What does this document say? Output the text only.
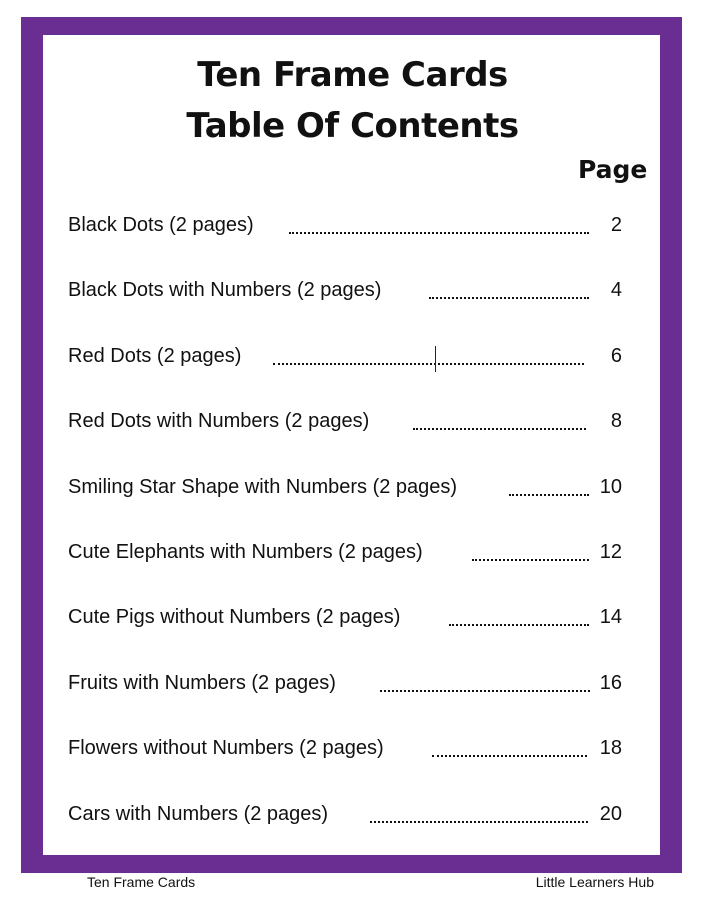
Ten Frame Cards
Table Of Contents
Page
Black Dots (2 pages)	2
Black Dots with Numbers (2 pages)	4
Red Dots (2 pages)	6
Red Dots with Numbers (2 pages)	8
Smiling Star Shape with Numbers (2 pages)	10
Cute Elephants with Numbers (2 pages)	12
Cute Pigs without Numbers (2 pages)	14
Fruits with Numbers (2 pages)	16
Flowers without Numbers (2 pages)	18
Cars with Numbers (2 pages)	20
Ten Frame Cards	Little Learners Hub
